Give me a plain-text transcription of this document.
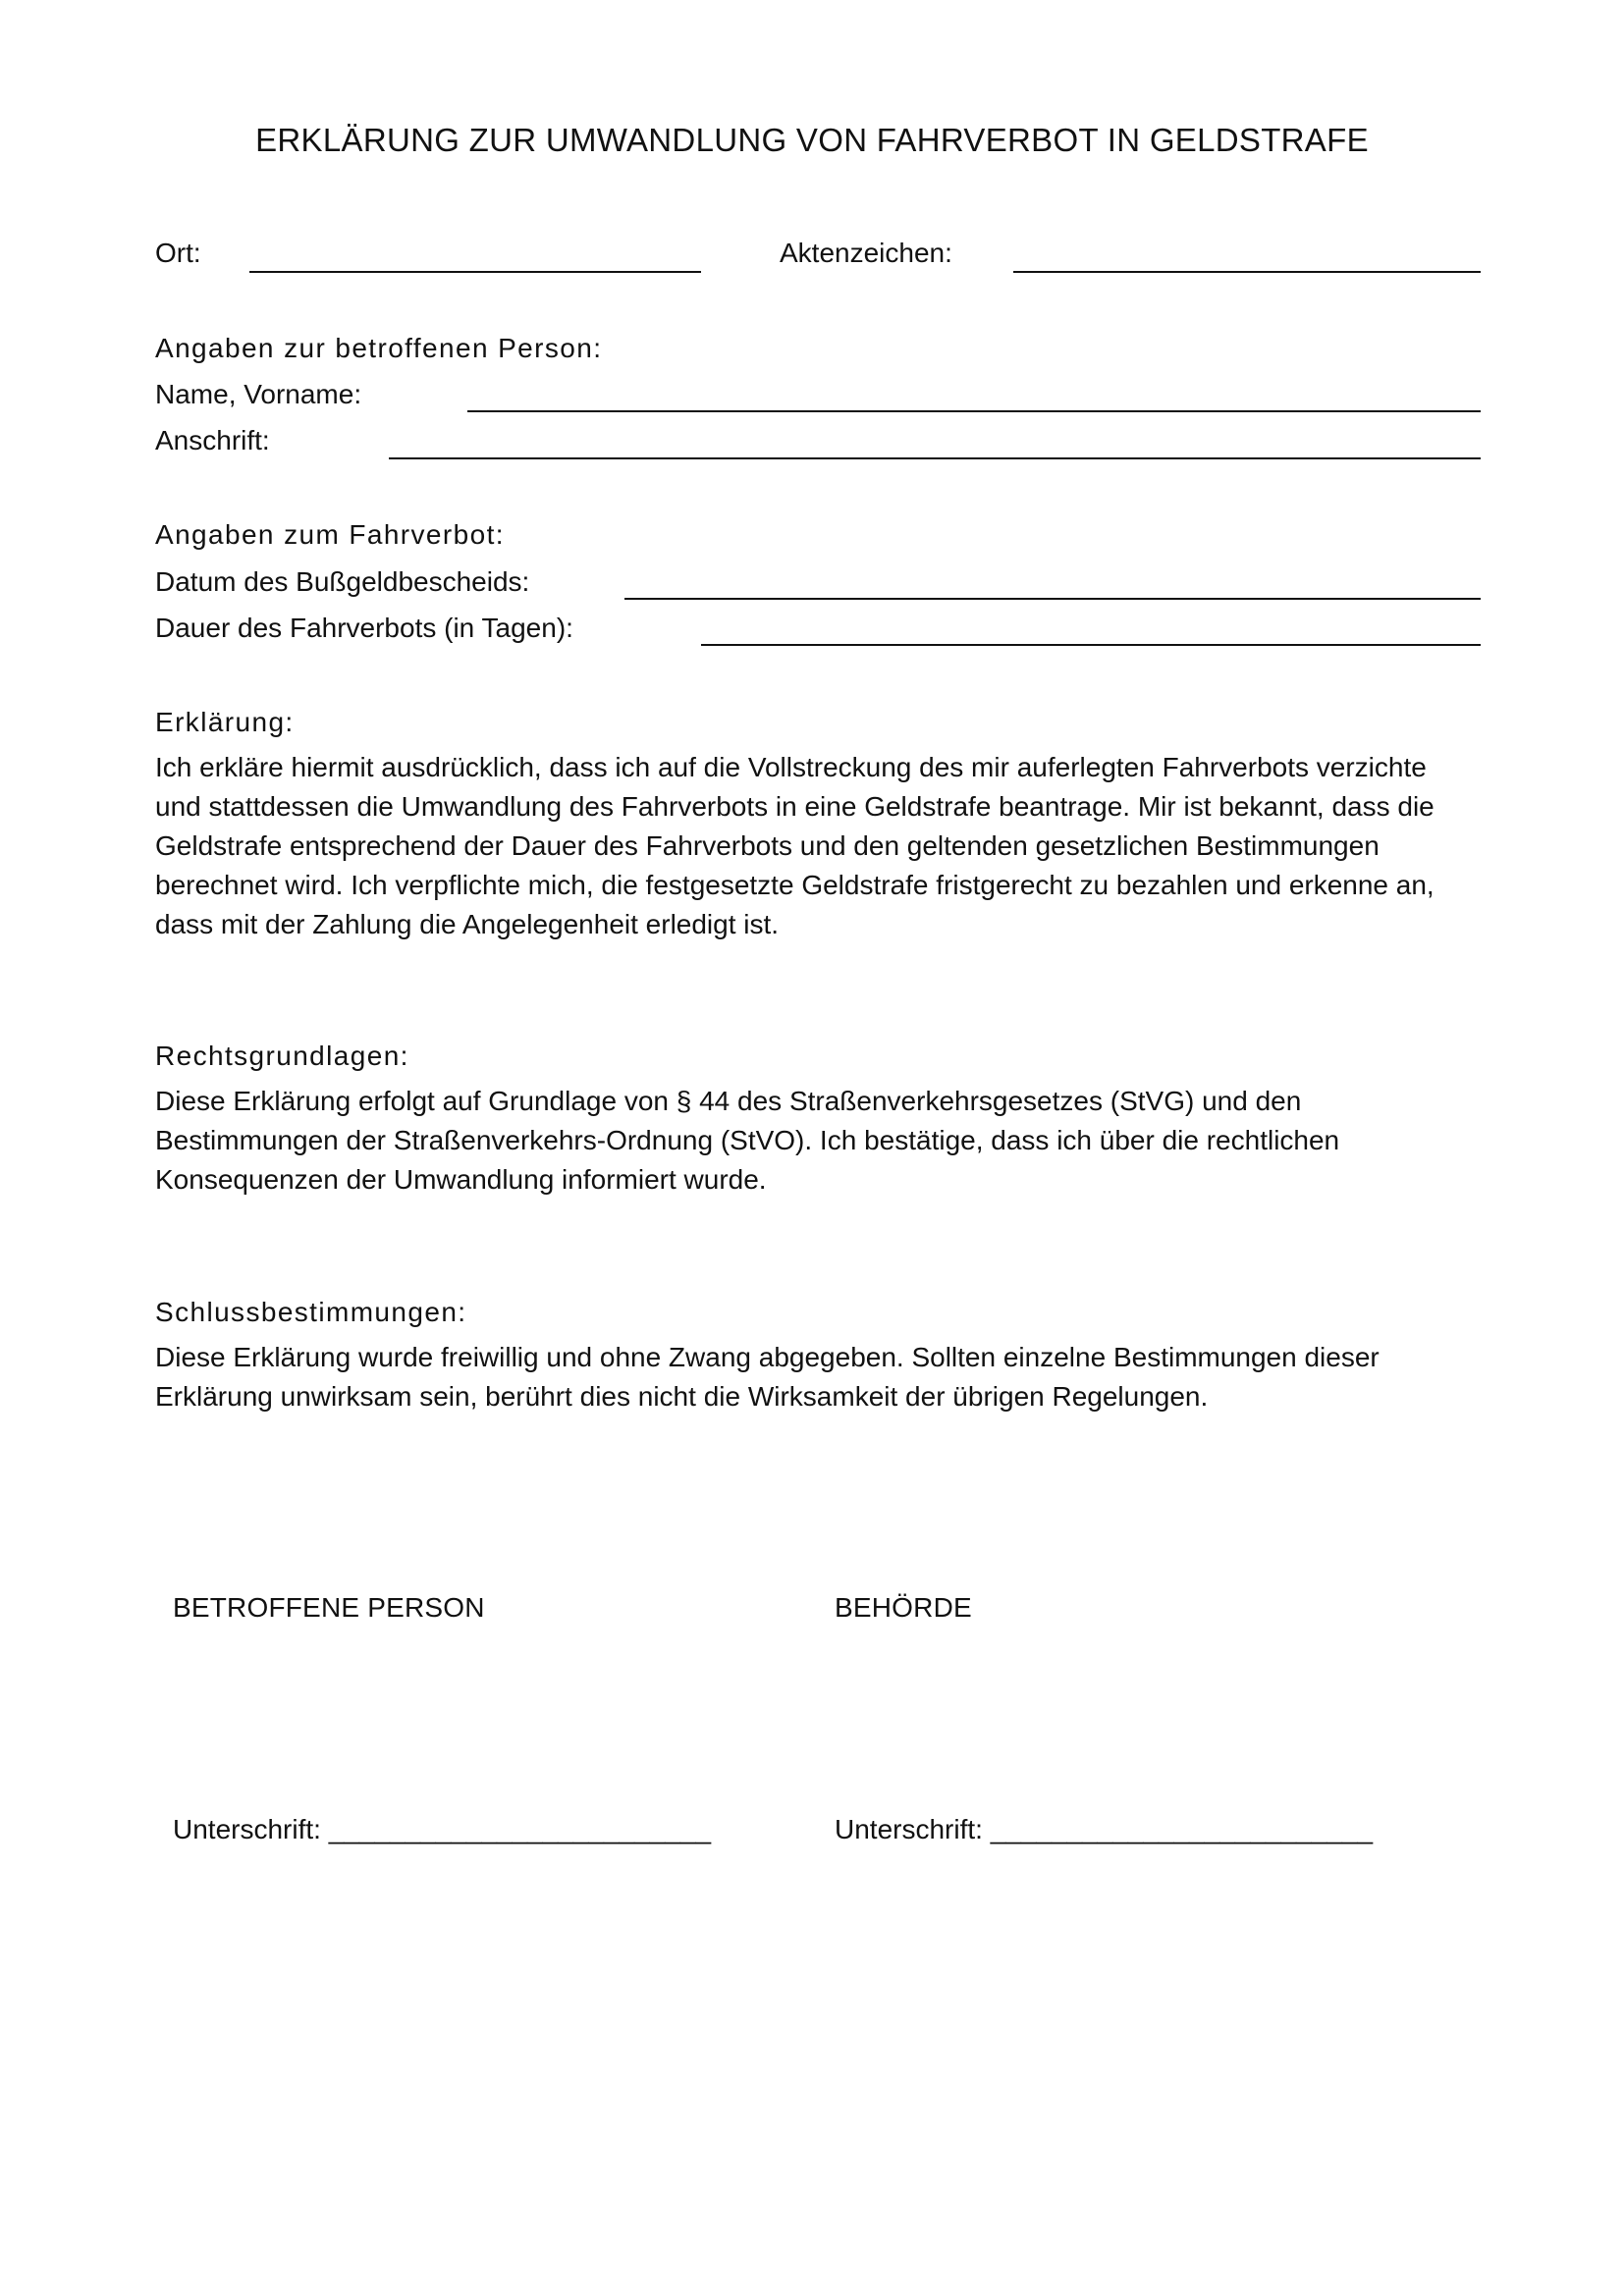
ERKLÄRUNG ZUR UMWANDLUNG VON FAHRVERBOT IN GELDSTRAFE
Ort:	Aktenzeichen:
Angaben zur betroffenen Person:
Name, Vorname:
Anschrift:
Angaben zum Fahrverbot:
Datum des Bußgeldbescheids:
Dauer des Fahrverbots (in Tagen):
Erklärung:
Ich erkläre hiermit ausdrücklich, dass ich auf die Vollstreckung des mir auferlegten Fahrverbots verzichte
und stattdessen die Umwandlung des Fahrverbots in eine Geldstrafe beantrage. Mir ist bekannt, dass die
Geldstrafe entsprechend der Dauer des Fahrverbots und den geltenden gesetzlichen Bestimmungen
berechnet wird. Ich verpflichte mich, die festgesetzte Geldstrafe fristgerecht zu bezahlen und erkenne an,
dass mit der Zahlung die Angelegenheit erledigt ist.
Rechtsgrundlagen:
Diese Erklärung erfolgt auf Grundlage von § 44 des Straßenverkehrsgesetzes (StVG) und den
Bestimmungen der Straßenverkehrs-Ordnung (StVO). Ich bestätige, dass ich über die rechtlichen
Konsequenzen der Umwandlung informiert wurde.
Schlussbestimmungen:
Diese Erklärung wurde freiwillig und ohne Zwang abgegeben. Sollten einzelne Bestimmungen dieser
Erklärung unwirksam sein, berührt dies nicht die Wirksamkeit der übrigen Regelungen.
BETROFFENE PERSON	BEHÖRDE
Unterschrift: _________________________	Unterschrift: _________________________
